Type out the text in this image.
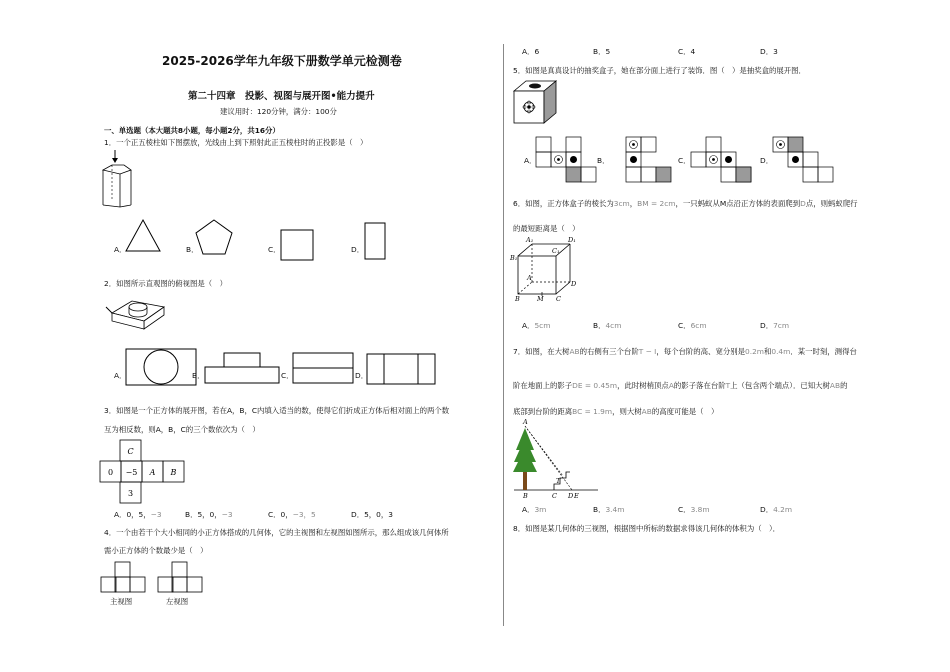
2025-2026学年九年级下册数学单元检测卷
第二十四章　投影、视图与展开图•能力提升
建议用时：120分钟，满分：100分
一、单选题（本大题共8小题，每小题2分，共16分）
1．一个正五棱柱如下图摆放，光线由上到下照射此正五棱柱时的正投影是（　）
A．	B．	C．	D．
2．如图所示直观图的俯视图是（　）
A．	B．	C．	D．
3．如图是一个正方体的展开图，若在A，B，C内填入适当的数，使得它们折成正方体后相对面上的两个数
互为相反数，则A，B，C的三个数依次为（　）
C
0 −5 A B
3
A．0，5，−3	B．5，0，−3	C．0，−3，5	D．5，0，3
4．一个由若干个大小相同的小正方体搭成的几何体，它的主视图和左视图如图所示，那么组成该几何体所
需小正方体的个数最少是（　）
主视图	左视图
A．6	B．5	C．4	D．3
5．如图是真真设计的抽奖盒子，她在部分面上进行了装饰．图（　）是抽奖盒的展开图．
A．	B．	C．	D．
6．如图，正方体盒子的棱长为3cm，BM = 2cm，一只蚂蚁从M点沿正方体的表面爬到D点，则蚂蚁爬行
的最短距离是（　）
A₁	D₁
B₁
C₁
A
D
B	M C
A．5cm	B．4cm	C．6cm	D．7cm
7．如图，在大树AB的右侧有三个台阶T − I，每个台阶的高、宽分别是0.2m和0.4m．某一时刻，测得台
阶在地面上的影子DE = 0.45m，此时树梢顶点A的影子落在台阶T上（包含两个端点）．已知大树AB的
底部到台阶的距离BC = 1.9m，则大树AB的高度可能是（　）
A
B	C
T
D E
A．3m	B．3.4m	C．3.8m	D．4.2m
8．如图是某几何体的三视图，根据图中所标的数据求得该几何体的体积为（　）．
